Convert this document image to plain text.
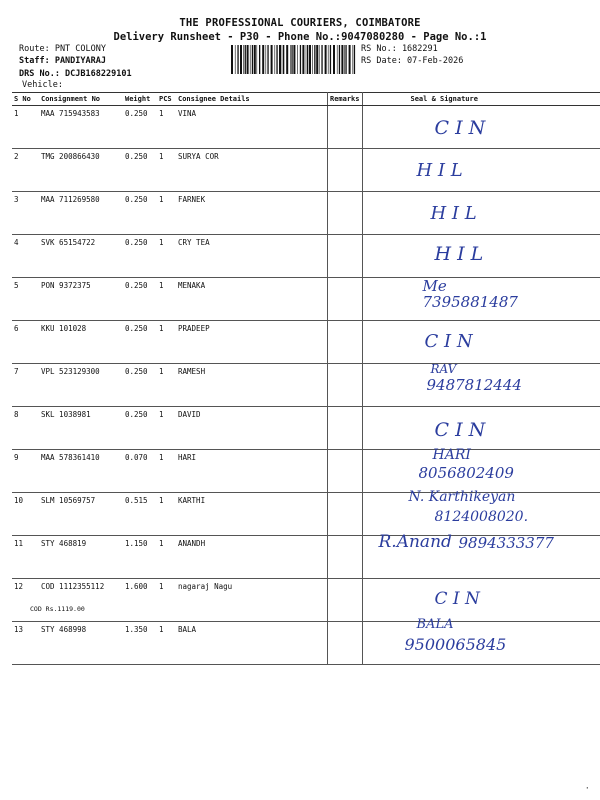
THE PROFESSIONAL COURIERS, COIMBATORE
Delivery Runsheet - P30 - Phone No.:9047080280 - Page No.:1
Route: PNT COLONY
Staff: PANDIYARAJ
DRS No.: DCJB168229101
Vehicle:
RS No.: 1682291
RS Date: 07-Feb-2026
S No	Consignment No	Weight	PCS	Consignee Details	Remarks	Seal & Signature
1	MAA 715943583	0.250	1	VINA		C I N

2	TMG 200866430	0.250	1	SURYA COR		H I L

3	MAA 711269580	0.250	1	FARNEK		H I L

4	SVK 65154722	0.250	1	CRY TEA		H I L

5	PON 9372375	0.250	1	MENAKA		Me
7395881487

6	KKU 101028	0.250	1	PRADEEP		C I N

7	VPL 523129300	0.250	1	RAMESH		RAV
9487812444

8	SKL 1038981	0.250	1	DAVID		C I N

9	MAA 578361410	0.070	1	HARI		HARI
8056802409

10	SLM 10569757	0.515	1	KARTHI		N. Karthikeyan
8124008020.

11	STY 468819	1.150	1	ANANDH		R.Anand 9894333377

12	COD 1112355112
COD Rs.1119.00	1.600	1	nagaraj Nagu		C I N

13	STY 468998	1.350	1	BALA		BALA
9500065845
·
